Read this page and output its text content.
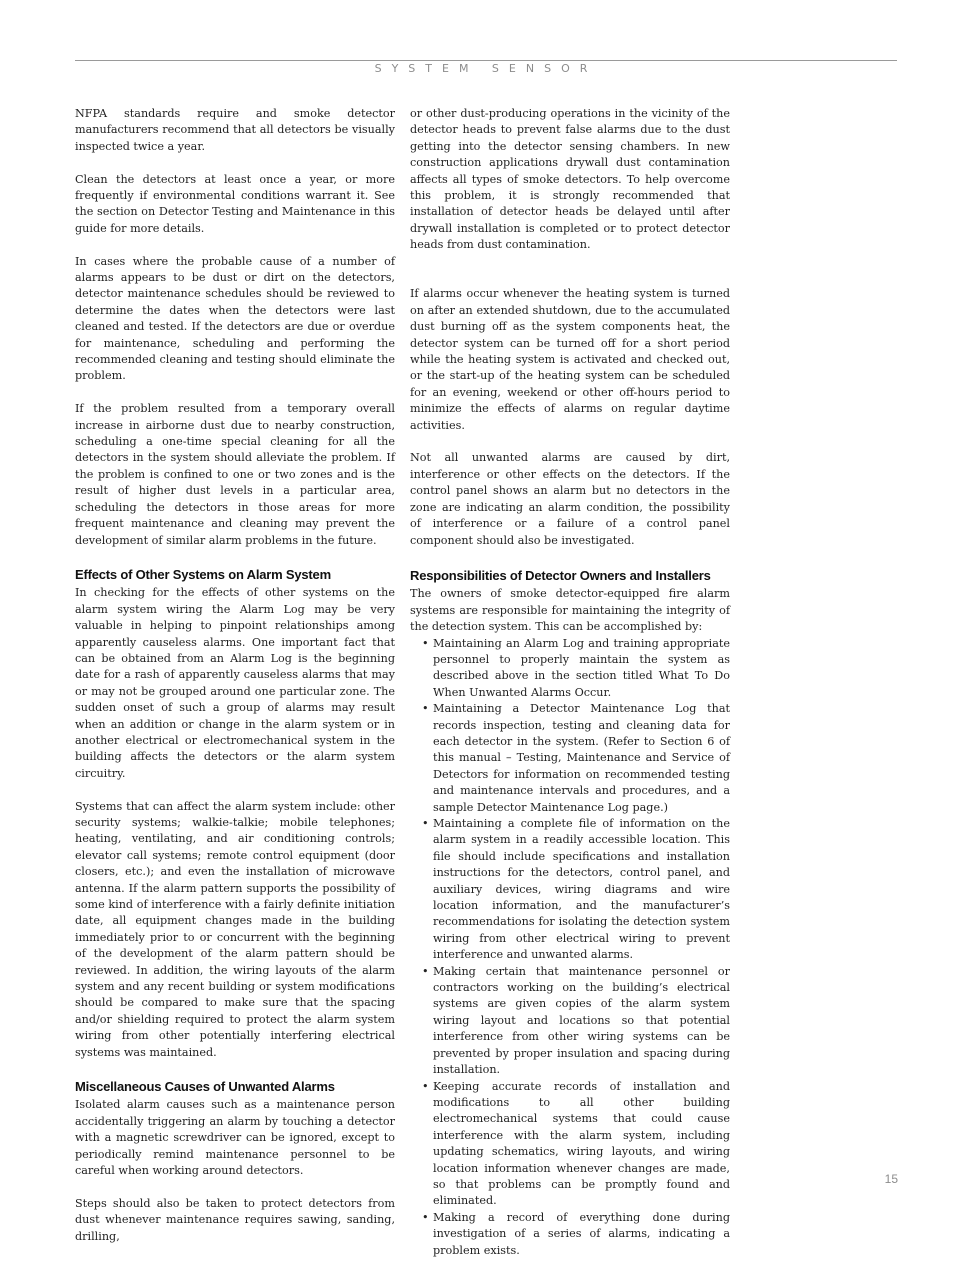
SYSTEM SENSOR

NFPA standards require and smoke detector manufacturers recommend that all detectors be visually inspected twice a year.

Clean the detectors at least once a year, or more frequently if environmental conditions warrant it. See the section on Detector Testing and Maintenance in this guide for more details.

In cases where the probable cause of a number of alarms appears to be dust or dirt on the detectors, detector maintenance schedules should be reviewed to determine the dates when the detectors were last cleaned and tested. If the detectors are due or overdue for maintenance, scheduling and performing the recommended cleaning and testing should eliminate the problem.

If the problem resulted from a temporary overall increase in airborne dust due to nearby construction, scheduling a one-time special cleaning for all the detectors in the system should alleviate the problem. If the problem is confined to one or two zones and is the result of higher dust levels in a particular area, scheduling the detectors in those areas for more frequent maintenance and cleaning may prevent the development of similar alarm problems in the future.

Effects of Other Systems on Alarm System

In checking for the effects of other systems on the alarm system wiring the Alarm Log may be very valuable in helping to pinpoint relationships among apparently causeless alarms. One important fact that can be obtained from an Alarm Log is the beginning date for a rash of apparently causeless alarms that may or may not be grouped around one particular zone. The sudden onset of such a group of alarms may result when an addition or change in the alarm system or in another electrical or electromechanical system in the building affects the detectors or the alarm system circuitry.

Systems that can affect the alarm system include: other security systems; walkie-talkie; mobile telephones; heating, ventilating, and air conditioning controls; elevator call systems; remote control equipment (door closers, etc.); and even the installation of microwave antenna. If the alarm pattern supports the possibility of some kind of interference with a fairly definite initiation date, all equipment changes made in the building immediately prior to or concurrent with the beginning of the development of the alarm pattern should be reviewed. In addition, the wiring layouts of the alarm system and any recent building or system modifications should be compared to make sure that the spacing and/or shielding required to protect the alarm system wiring from other potentially interfering electrical systems was maintained.

Miscellaneous Causes of Unwanted Alarms

Isolated alarm causes such as a maintenance person accidentally triggering an alarm by touching a detector with a magnetic screwdriver can be ignored, except to periodically remind maintenance personnel to be careful when working around detectors.

Steps should also be taken to protect detectors from dust whenever maintenance requires sawing, sanding, drilling,

or other dust-producing operations in the vicinity of the detector heads to prevent false alarms due to the dust getting into the detector sensing chambers. In new construction applications drywall dust contamination affects all types of smoke detectors. To help overcome this problem, it is strongly recommended that installation of detector heads be delayed until after drywall installation is completed or to protect detector heads from dust contamination.

If alarms occur whenever the heating system is turned on after an extended shutdown, due to the accumulated dust burning off as the system components heat, the detector system can be turned off for a short period while the heating system is activated and checked out, or the start-up of the heating system can be scheduled for an evening, weekend or other off-hours period to minimize the effects of alarms on regular daytime activities.

Not all unwanted alarms are caused by dirt, interference or other effects on the detectors. If the control panel shows an alarm but no detectors in the zone are indicating an alarm condition, the possibility of interference or a failure of a control panel component should also be investigated.

Responsibilities of Detector Owners and Installers

The owners of smoke detector-equipped fire alarm systems are responsible for maintaining the integrity of the detection system. This can be accomplished by:

• Maintaining an Alarm Log and training appropriate personnel to properly maintain the system as described above in the section titled What To Do When Unwanted Alarms Occur.
• Maintaining a Detector Maintenance Log that records inspection, testing and cleaning data for each detector in the system. (Refer to Section 6 of this manual – Testing, Maintenance and Service of Detectors for information on recommended testing and maintenance intervals and procedures, and a sample Detector Maintenance Log page.)
• Maintaining a complete file of information on the alarm system in a readily accessible location. This file should include specifications and installation instructions for the detectors, control panel, and auxiliary devices, wiring diagrams and wire location information, and the manufacturer’s recommendations for isolating the detection system wiring from other electrical wiring to prevent interference and unwanted alarms.
• Making certain that maintenance personnel or contractors working on the building’s electrical systems are given copies of the alarm system wiring layout and locations so that potential interference from other wiring systems can be prevented by proper insulation and spacing during installation.
• Keeping accurate records of installation and modifications to all other building electromechanical systems that could cause interference with the alarm system, including updating schematics, wiring layouts, and wiring location information whenever changes are made, so that problems can be promptly found and eliminated.
• Making a record of everything done during investigation of a series of alarms, indicating a problem exists.
15
